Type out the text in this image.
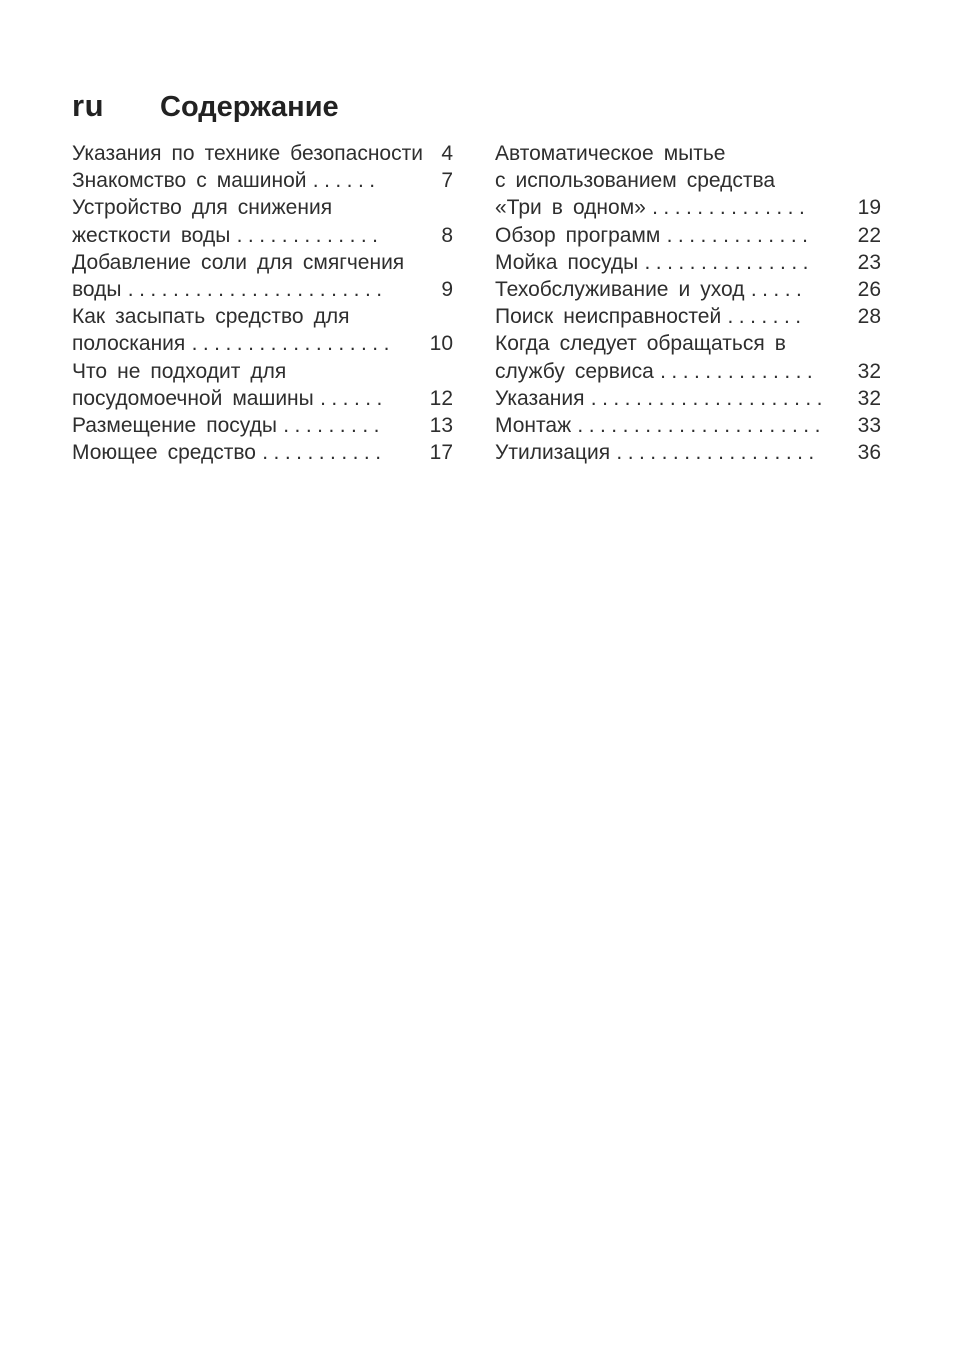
ru Содержание
Указания по технике безопасности 4
Знакомство с машиной ......	7
Устройство для снижения
жесткости воды .............	8
Добавление соли для смягчения
воды .......................	9
Как засыпать средство для
полоскания ..................	10
Что не подходит для
посудомоечной машины ......	12
Размещение посуды .........	13
Моющее средство ...........	17
Автоматическое мытье
с использованием средства
«Три в одном» ..............	19
Обзор программ .............	22
Мойка посуды ...............	23
Техобслуживание и уход .....	26
Поиск неисправностей .......	28
Когда следует обращаться в
службу сервиса ..............	32
Указания .....................	32
Монтаж ......................	33
Утилизация ..................	36
